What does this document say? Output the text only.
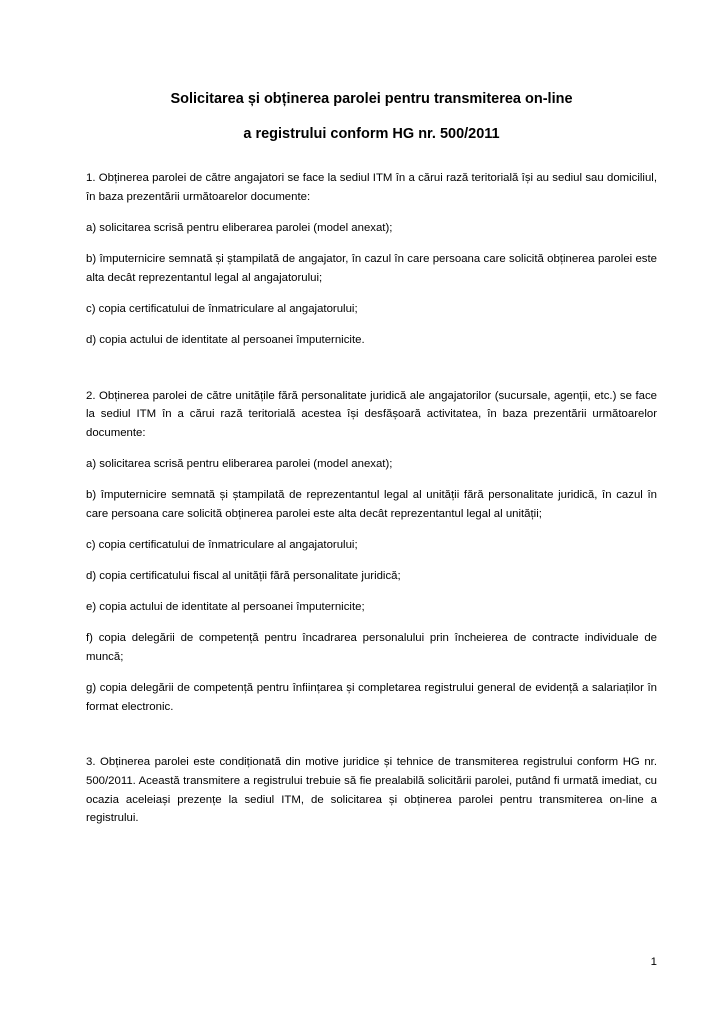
Solicitarea și obținerea parolei pentru transmiterea on-line
a registrului conform HG nr. 500/2011

1. Obținerea parolei de către angajatori se face la sediul ITM în a cărui rază teritorială își au sediul sau domiciliul, în baza prezentării următoarelor documente:

a) solicitarea scrisă pentru eliberarea parolei (model anexat);

b) împuternicire semnată și ștampilată de angajator, în cazul în care persoana care solicită obținerea parolei este alta decât reprezentantul legal al angajatorului;

c) copia certificatului de înmatriculare al angajatorului;

d) copia actului de identitate al persoanei împuternicite.

2. Obținerea parolei de către unitățile fără personalitate juridică ale angajatorilor (sucursale, agenții, etc.) se face la sediul ITM în a cărui rază teritorială acestea își desfășoară activitatea, în baza prezentării următoarelor documente:

a) solicitarea scrisă pentru eliberarea parolei (model anexat);

b) împuternicire semnată și ștampilată de reprezentantul legal al unității fără personalitate juridică, în cazul în care persoana care solicită obținerea parolei este alta decât reprezentantul legal al unității;

c) copia certificatului de înmatriculare al angajatorului;

d) copia certificatului fiscal al unității fără personalitate juridică;

e) copia actului de identitate al persoanei împuternicite;

f) copia delegării de competență pentru încadrarea personalului prin încheierea de contracte individuale de muncă;

g) copia delegării de competență pentru înființarea și completarea registrului general de evidență a salariaților în format electronic.

3. Obținerea parolei este condiționată din motive juridice și tehnice de transmiterea registrului conform HG nr. 500/2011. Această transmitere a registrului trebuie să fie prealabilă solicitării parolei, putând fi urmată imediat, cu ocazia aceleiași prezențe la sediul ITM, de solicitarea și obținerea parolei pentru transmiterea on-line a registrului.

1
